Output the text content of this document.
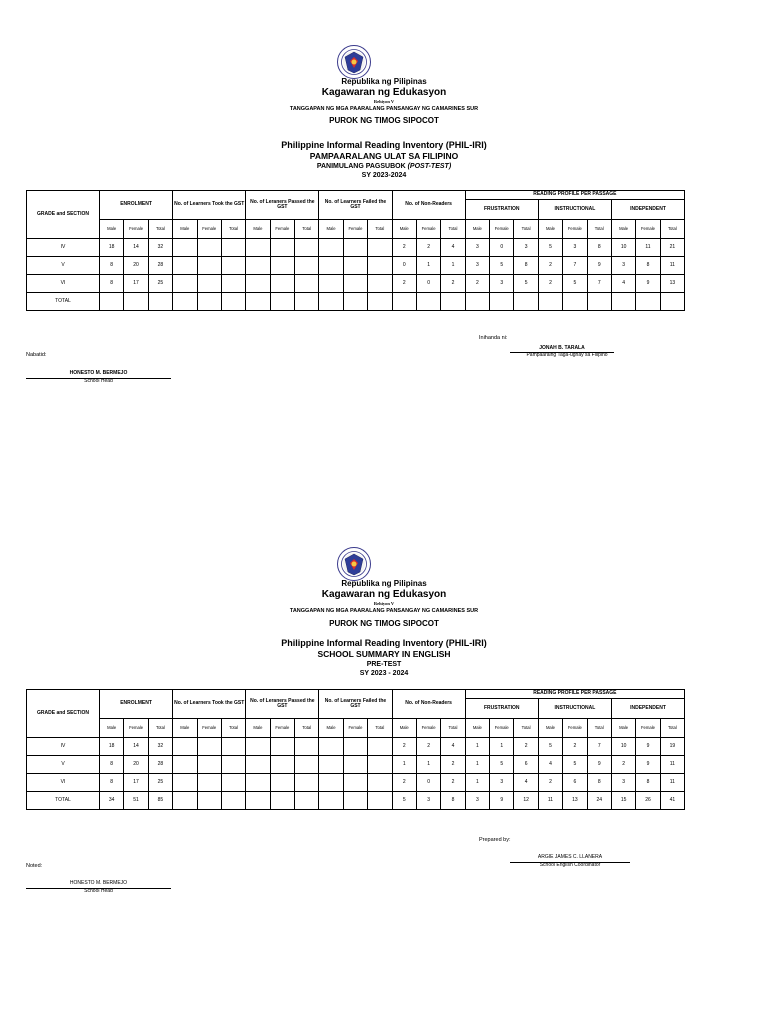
Republika ng Pilipinas
Kagawaran ng Edukasyon
Rehiyon V
TANGGAPAN NG MGA PAARALANG PANSANGAY NG CAMARINES SUR
PUROK NG TIMOG SIPOCOT
Philippine Informal Reading Inventory (PHIL-IRI)
PAMPAARALANG ULAT SA FILIPINO
PANIMULANG PAGSUBOK (POST-TEST)
SY 2023-2024
GRADE and SECTION	ENROLMENT			No. of Learners Took the GST			No. of Leraners Passed the GST			No. of Learners Failed the GST			No. of Non-Readers			READING PROFILE PER PASSAGE								
																FRUSTRATION			INSTRUCTIONAL			INDEPENDENT		
	Male	Female	Total	Male	Female	Total	Male	Female	Total	Male	Female	Total	Male	Female	Total	Male	Female	Total	Male	Female	Total	Male	Female	Total
IV	18	14	32										2	2	4	3	0	3	5	3	8	10	11	21
V	8	20	28										0	1	1	3	5	8	2	7	9	3	8	11
VI	8	17	25										2	0	2	2	3	5	2	5	7	4	9	13
TOTAL																								
Inihanda ni:
JONAH B. TARALA
Pampaaralng Taga-ugnay sa Filipino
Nabatid:
HONESTO M. BERMEJO
School Head
Republika ng Pilipinas
Kagawaran ng Edukasyon
Rehiyon V
TANGGAPAN NG MGA PAARALANG PANSANGAY NG CAMARINES SUR
PUROK NG TIMOG SIPOCOT
Philippine Informal Reading Inventory (PHIL-IRI)
SCHOOL SUMMARY IN ENGLISH
PRE-TEST
SY 2023 - 2024
GRADE and SECTION	ENROLMENT			No. of Learners Took the GST			No. of Leraners Passed the GST			No. of Learners Failed the GST			No. of Non-Readers			READING PROFILE PER PASSAGE								
																FRUSTRATION			INSTRUCTIONAL			INDEPENDENT		
	Male	Female	Total	Male	Female	Total	Male	Female	Total	Male	Female	Total	Male	Female	Total	Male	Female	Total	Male	Female	Total	Male	Female	Total
IV	18	14	32										2	2	4	1	1	2	5	2	7	10	9	19
V	8	20	28										1	1	2	1	5	6	4	5	9	2	9	11
VI	8	17	25										2	0	2	1	3	4	2	6	8	3	8	11
TOTAL	34	51	85										5	3	8	3	9	12	11	13	24	15	26	41
Prepared by:
ARGIE JAMES C. LLANERA
School English Coordinator
Noted:
HONESTO M. BERMEJO
School Head
